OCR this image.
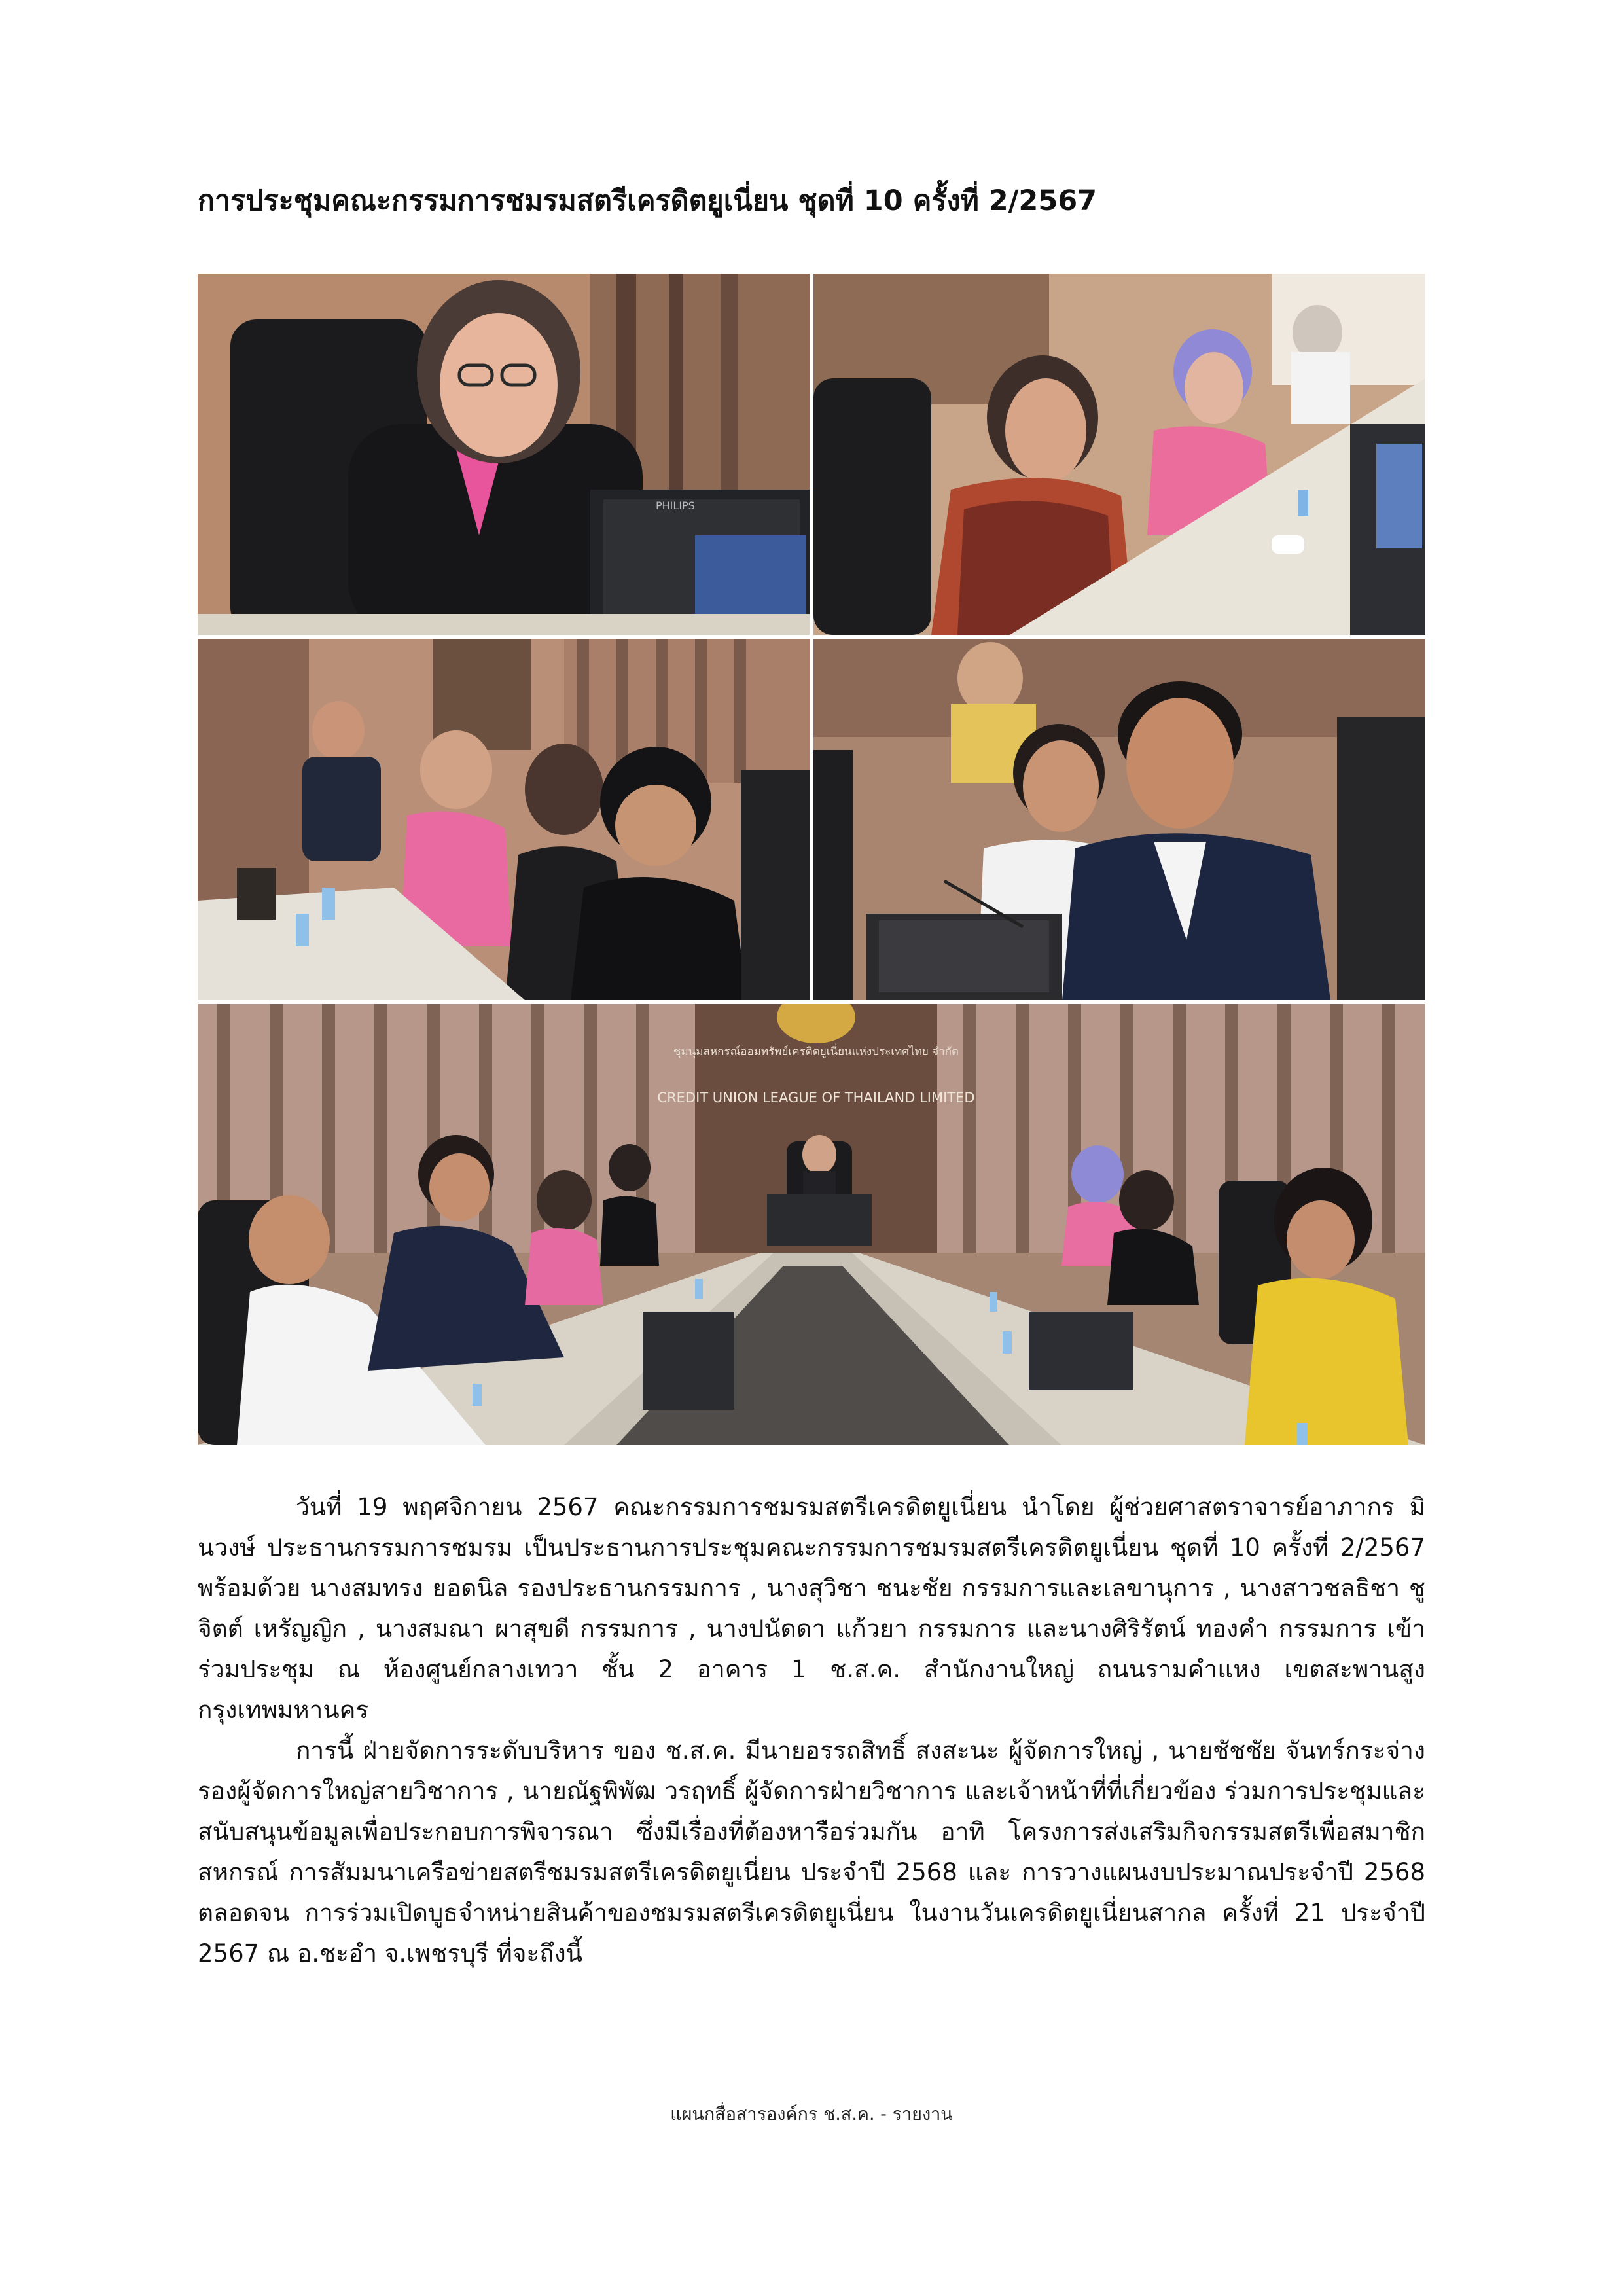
การประชุมคณะกรรมการชมรมสตรีเครดิตยูเนี่ยน ชุดที่ 10 ครั้งที่ 2/2567
PHILIPS
ชุมนุมสหกรณ์ออมทรัพย์เครดิตยูเนี่ยนแห่งประเทศไทย จำกัด
CREDIT UNION LEAGUE OF THAILAND LIMITED

วันที่ 19 พฤศจิกายน 2567 คณะกรรมการชมรมสตรีเครดิตยูเนี่ยน นำโดย ผู้ช่วยศาสตราจารย์อาภากร มินวงษ์ ประธานกรรมการชมรม เป็นประธานการประชุมคณะกรรมการชมรมสตรีเครดิตยูเนี่ยน ชุดที่ 10 ครั้งที่ 2/2567 พร้อมด้วย นางสมทรง ยอดนิล รองประธานกรรมการ , นางสุวิชา ชนะชัย กรรมการและเลขานุการ , นางสาวชลธิชา ชูจิตต์ เหรัญญิก , นางสมณา ผาสุขดี กรรมการ , นางปนัดดา แก้วยา กรรมการ และนางศิริรัตน์ ทองคำ กรรมการ เข้าร่วมประชุม ณ ห้องศูนย์กลางเทวา ชั้น 2 อาคาร 1 ช.ส.ค. สำนักงานใหญ่ ถนนรามคำแหง เขตสะพานสูง กรุงเทพมหานคร

การนี้ ฝ่ายจัดการระดับบริหาร ของ ช.ส.ค. มีนายอรรถสิทธิ์ สงสะนะ ผู้จัดการใหญ่ , นายชัชชัย จันทร์กระจ่าง รองผู้จัดการใหญ่สายวิชาการ , นายณัฐพิพัฒ วรฤทธิ์ ผู้จัดการฝ่ายวิชาการ และเจ้าหน้าที่ที่เกี่ยวข้อง ร่วมการประชุมและสนับสนุนข้อมูลเพื่อประกอบการพิจารณา ซึ่งมีเรื่องที่ต้องหารือร่วมกัน อาทิ โครงการส่งเสริมกิจกรรมสตรีเพื่อสมาชิกสหกรณ์ การสัมมนาเครือข่ายสตรีชมรมสตรีเครดิตยูเนี่ยน ประจำปี 2568 และ การวางแผนงบประมาณประจำปี 2568 ตลอดจน การร่วมเปิดบูธจำหน่ายสินค้าของชมรมสตรีเครดิตยูเนี่ยน ในงานวันเครดิตยูเนี่ยนสากล ครั้งที่ 21 ประจำปี 2567 ณ อ.ชะอำ จ.เพชรบุรี ที่จะถึงนี้

แผนกสื่อสารองค์กร ช.ส.ค. - รายงาน
